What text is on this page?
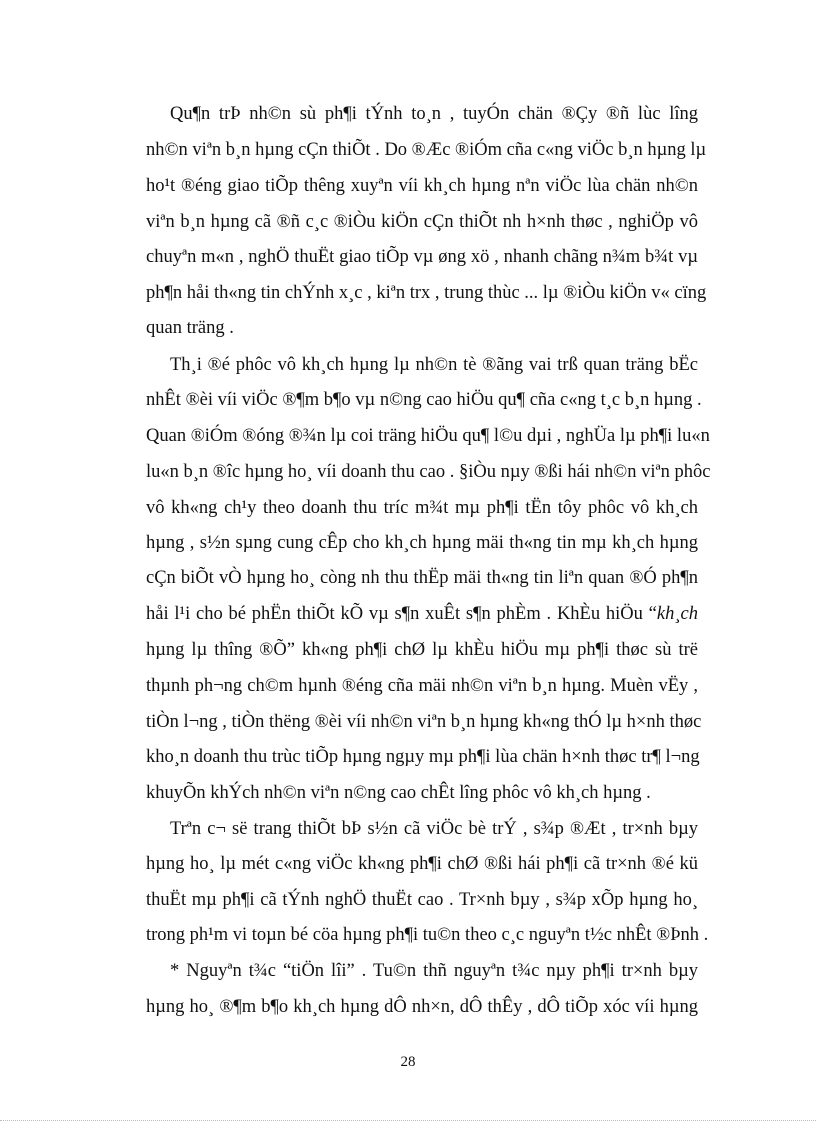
Qu¶n trÞ nh©n sù ph¶i tÝnh to¸n , tuyÓn chän ®Çy ®ñ lùc lîng
nh©n viªn b¸n hµng cÇn thiÕt . Do ®Æc ®iÓm cña c«ng viÖc b¸n hµng lµ
ho¹t ®éng giao tiÕp thêng xuyªn víi kh¸ch hµng nªn viÖc lùa chän nh©n
viªn b¸n hµng cã ®ñ c¸c ®iÒu kiÖn cÇn thiÕt nh h×nh thøc , nghiÖp vô
chuyªn m«n , nghÖ thuËt giao tiÕp vµ øng xö , nhanh chãng n¾m b¾t vµ
ph¶n håi th«ng tin chÝnh x¸c , kiªn trx , trung thùc ... lµ ®iÒu kiÖn v« cïng
quan träng .
Th¸i ®é phôc vô kh¸ch hµng lµ nh©n tè ®ãng vai trß quan träng bËc
nhÊt ®èi víi viÖc ®¶m b¶o vµ n©ng cao hiÖu qu¶ cña c«ng t¸c b¸n hµng .
Quan ®iÓm ®óng ®¾n lµ coi träng hiÖu qu¶ l©u dµi , nghÜa lµ ph¶i lu«n
lu«n b¸n ®îc hµng ho¸ víi doanh thu cao . §iÒu nµy ®ßi hái nh©n viªn phôc
vô kh«ng ch¹y theo doanh thu tríc m¾t mµ ph¶i tËn tôy phôc vô kh¸ch
hµng , s½n sµng cung cÊp cho kh¸ch hµng mäi th«ng tin mµ kh¸ch hµng
cÇn biÕt vÒ hµng ho¸ còng nh thu thËp mäi th«ng tin liªn quan ®Ó ph¶n
håi l¹i cho bé phËn thiÕt kÕ vµ s¶n xuÊt s¶n phÈm . KhÈu hiÖu “kh¸ch
hµng lµ thîng ®Õ” kh«ng ph¶i chØ lµ khÈu hiÖu mµ ph¶i thøc sù trë
thµnh ph¬ng ch©m hµnh ®éng cña mäi nh©n viªn b¸n hµng. Muèn vËy ,
tiÒn l¬ng , tiÒn thëng ®èi víi nh©n viªn b¸n hµng kh«ng thÓ lµ h×nh thøc
kho¸n doanh thu trùc tiÕp hµng ngµy mµ ph¶i lùa chän h×nh thøc tr¶ l¬ng
khuyÕn khÝch nh©n viªn n©ng cao chÊt lîng phôc vô kh¸ch hµng .
Trªn c¬ së trang thiÕt bÞ s½n cã viÖc bè trÝ , s¾p ®Æt , tr×nh bµy
hµng ho¸ lµ mét c«ng viÖc kh«ng ph¶i chØ ®ßi hái ph¶i cã tr×nh ®é kü
thuËt mµ ph¶i cã tÝnh nghÖ thuËt cao . Tr×nh bµy , s¾p xÕp hµng ho¸
trong ph¹m vi toµn bé cöa hµng ph¶i tu©n theo c¸c nguyªn t½c nhÊt ®Þnh .
* Nguyªn t¾c “tiÖn lîi” . Tu©n thñ nguyªn t¾c nµy ph¶i tr×nh bµy
hµng ho¸ ®¶m b¶o kh¸ch hµng dÔ nh×n, dÔ thÊy , dÔ tiÕp xóc víi hµng
28
